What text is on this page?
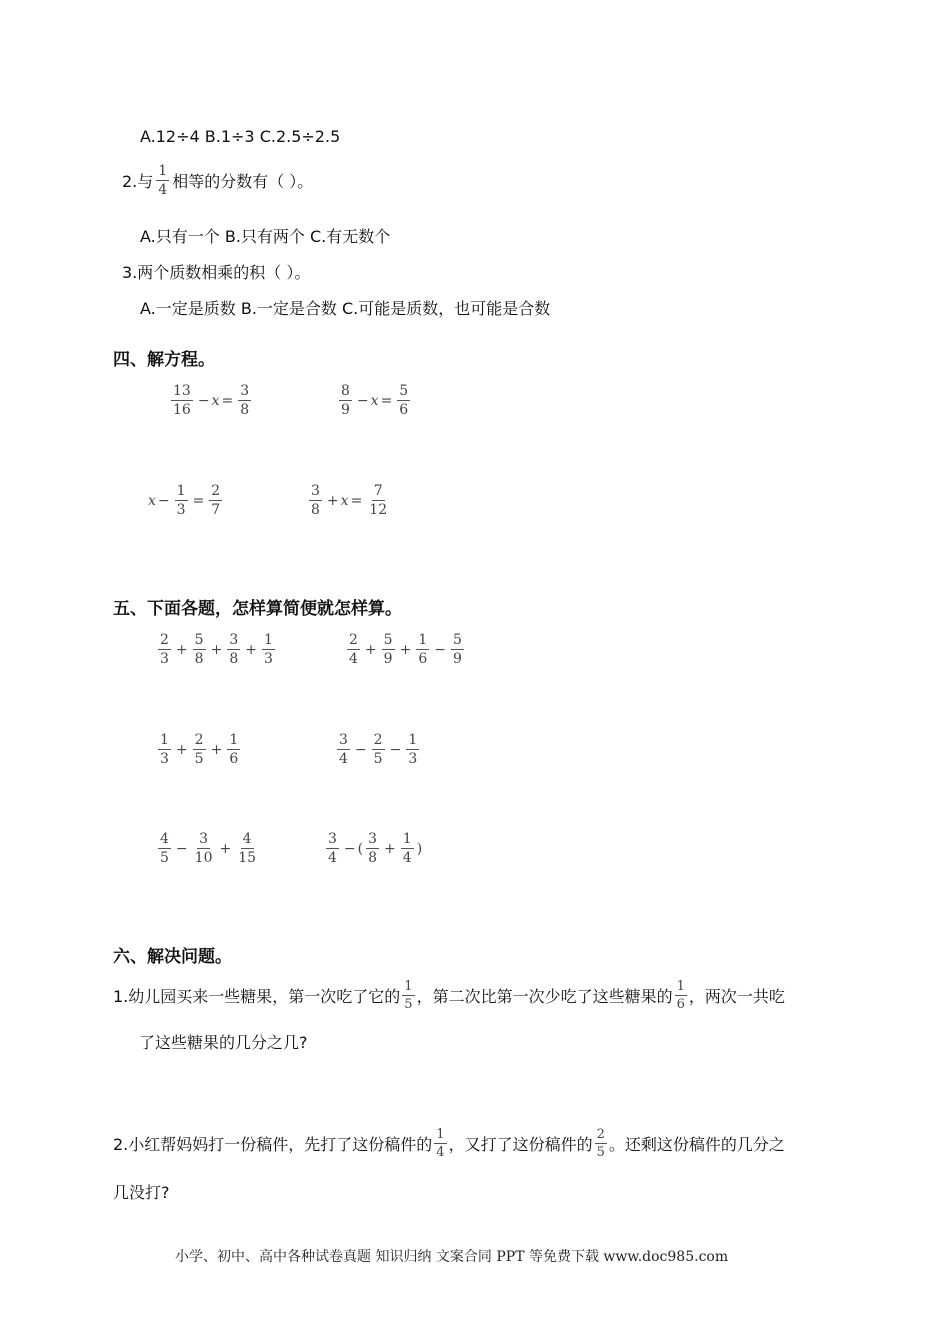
A.12÷4 B.1÷3 C.2.5÷2.5
2.与 $\frac{1}{4}$ 相等的分数有（ ）。
A.只有一个 B.只有两个 C.有无数个
3.两个质数相乘的积（ ）。
A.一定是质数 B.一定是合数 C.可能是质数，也可能是合数
四、解方程。
$\frac{13}{16} - x = \frac{3}{8}$	$\frac{8}{9} - x = \frac{5}{6}$
$x - \frac{1}{3} = \frac{2}{7}$	$\frac{3}{8} + x = \frac{7}{12}$
五、下面各题，怎样算简便就怎样算。
$\frac{2}{3} + \frac{5}{8} + \frac{3}{8} + \frac{1}{3}$	$\frac{2}{4} + \frac{5}{9} + \frac{1}{6} - \frac{5}{9}$
$\frac{1}{3} + \frac{2}{5} + \frac{1}{6}$	$\frac{3}{4} - \frac{2}{5} - \frac{1}{3}$
$\frac{4}{5} - \frac{3}{10} + \frac{4}{15}$	$\frac{3}{4}$ − ( $\frac{3}{8} + \frac{1}{4}$ )
六、解决问题。
1.幼儿园买来一些糖果，第一次吃了它的 $\frac{1}{5}$ ，第二次比第一次少吃了这些糖果的 $\frac{1}{6}$ ，两次一共吃
了这些糖果的几分之几?
2.小红帮妈妈打一份稿件，先打了这份稿件的 $\frac{1}{4}$ ，又打了这份稿件的 $\frac{2}{5}$ 。还剩这份稿件的几分之
几没打?
小学、初中、高中各种试卷真题 知识归纳 文案合同 PPT 等免费下载 www.doc985.com
